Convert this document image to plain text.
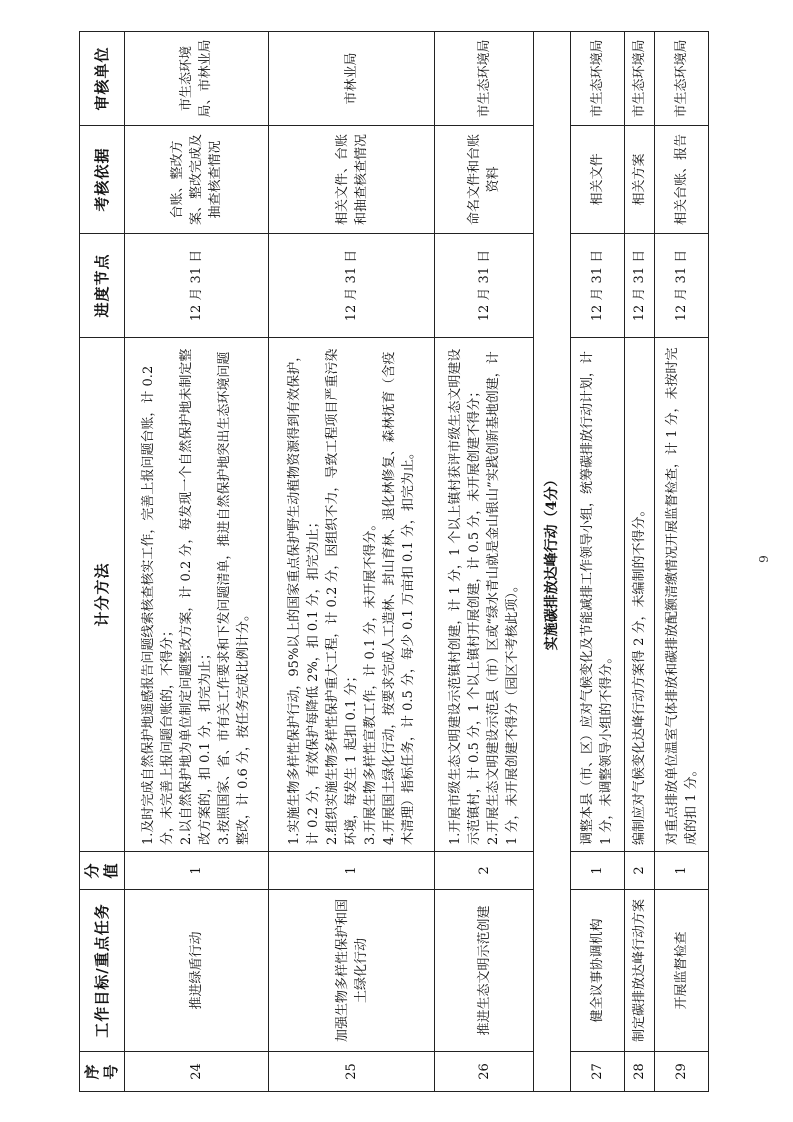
序号	工作目标/重点任务	分值	计分方法	进度节点	考核依据	审核单位
24	推进绿盾行动	1	1.及时完成自然保护地遥感报告问题线索核查核实工作，完善上报问题台账，计 0.2 分，未完善上报问题台账的，不得分； 2.以自然保护地为单位制定问题整改方案，计 0.2 分，每发现一个自然保护地未制定整改方案的，扣 0.1 分，扣完为止； 3.按照国家、省、市有关工作要求和下发问题清单，推进自然保护地突出生态环境问题整改，计 0.6 分，按任务完成比例计分。	12 月 31 日	台账、整改方案、整改完成及抽查核查情况	市生态环境局、市林业局
25	加强生物多样性保护和国土绿化行动	1	1.实施生物多样性保护行动，95%以上的国家重点保护野生动植物资源得到有效保护，计 0.2 分，有效保护每降低 2%，扣 0.1 分，扣完为止； 2.组织实施生物多样性保护重大工程，计 0.2 分，因组织不力，导致工程项目严重污染环境，每发生 1 起扣 0.1 分； 3.开展生物多样性宣教工作，计 0.1 分，未开展不得分。 4.开展国土绿化行动，按要求完成人工造林、封山育林、退化林修复、森林抚育（含疫木清理）指标任务，计 0.5 分，每少 0.1 万亩扣 0.1 分，扣完为止。	12 月 31 日	相关文件、台账和抽查核查情况	市林业局
26	推进生态文明示范创建	2	1.开展市级生态文明建设示范镇村创建，计 1 分，1 个以上镇村获评市级生态文明建设示范镇村，计 0.5 分，1 个以上镇村开展创建，计 0.5 分，未开展创建不得分； 2.开展生态文明建设示范县（市）区或“绿水青山就是金山银山”实践创新基地创建，计 1 分，未开展创建不得分（园区不考核此项）。	12 月 31 日	命名文件和台账资料	市生态环境局
实施碳排放达峰行动（4分）						
27	健全议事协调机构	1	调整本县（市、区）应对气候变化及节能减排工作领导小组，统筹碳排放行动计划，计 1 分，未调整领导小组的不得分。	12 月 31 日	相关文件	市生态环境局
28	制定碳排放达峰行动方案	2	编制应对气候变化达峰行动方案得 2 分，未编制的不得分。	12 月 31 日	相关方案	市生态环境局
29	开展监督检查	1	对重点排放单位温室气体排放和碳排放配额清缴情况开展监督检查，计 1 分，未按时完成的扣 1 分。	12 月 31 日	相关台账、报告	市生态环境局
9
